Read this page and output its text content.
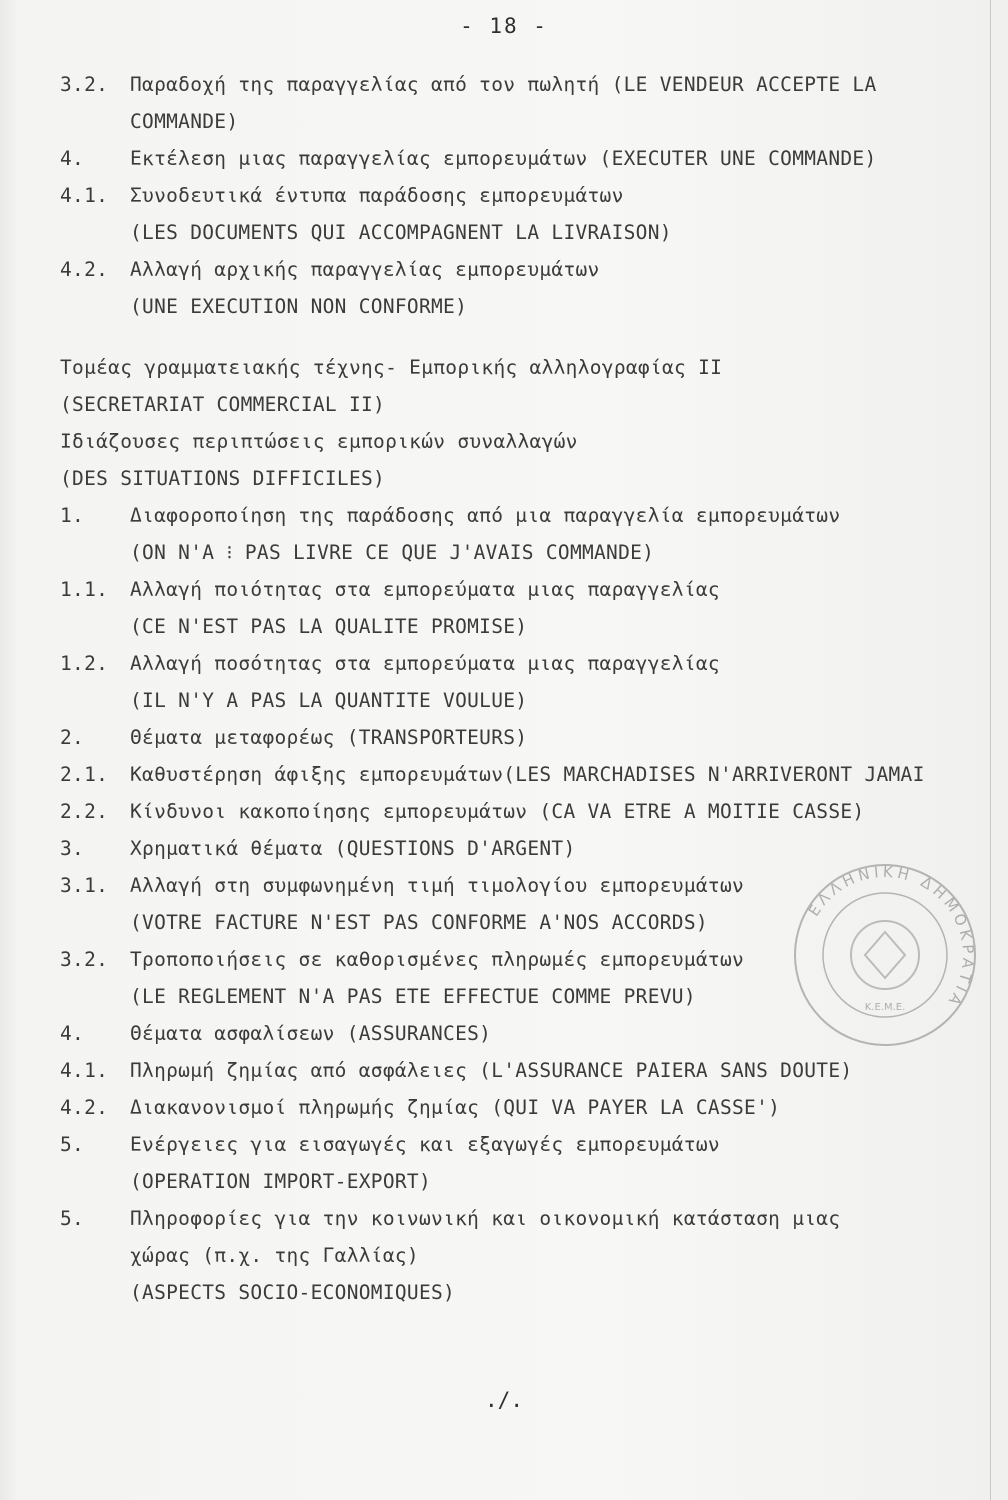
- 18 -
3.2. Παραδοχή της παραγγελίας από τον πωλητή (LE VENDEUR ACCEPTE LA
COMMANDE)
4. Εκτέλεση μιας παραγγελίας εμπορευμάτων (EXECUTER UNE COMMANDE)
4.1. Συνοδευτικά έντυπα παράδοσης εμπορευμάτων
(LES DOCUMENTS QUI ACCOMPAGNENT LA LIVRAISON)
4.2. Αλλαγή αρχικής παραγγελίας εμπορευμάτων
(UNE EXECUTION NON CONFORME)
Τομέας γραμματειακής τέχνης- Εμπορικής αλληλογραφίας II
(SECRETARIAT COMMERCIAL II)
Ιδιάζουσες περιπτώσεις εμπορικών συναλλαγών
(DES SITUATIONS DIFFICILES)
1. Διαφοροποίηση της παράδοσης από μια παραγγελία εμπορευμάτων
(ON N'A ⁝ PAS LIVRE CE QUE J'AVAIS COMMANDE)
1.1. Αλλαγή ποιότητας στα εμπορεύματα μιας παραγγελίας
(CE N'EST PAS LA QUALITE PROMISE)
1.2. Αλλαγή ποσότητας στα εμπορεύματα μιας παραγγελίας
(IL N'Y A PAS LA QUANTITE VOULUE)
2. Θέματα μεταφορέως (TRANSPORTEURS)
2.1. Καθυστέρηση άφιξης εμπορευμάτων(LES MARCHADISES N'ARRIVERONT JAMAI
2.2. Κίνδυνοι κακοποίησης εμπορευμάτων (CA VA ETRE A MOITIE CASSE)
3. Χρηματικά θέματα (QUESTIONS D'ARGENT)
3.1. Αλλαγή στη συμφωνημένη τιμή τιμολογίου εμπορευμάτων
(VOTRE FACTURE N'EST PAS CONFORME A'NOS ACCORDS)
3.2. Τροποποιήσεις σε καθορισμένες πληρωμές εμπορευμάτων
(LE REGLEMENT N'A PAS ETE EFFECTUE COMME PREVU)
4. Θέματα ασφαλίσεων (ASSURANCES)
4.1. Πληρωμή ζημίας από ασφάλειες (L'ASSURANCE PAIERA SANS DOUTE)
4.2. Διακανονισμοί πληρωμής ζημίας (QUI VA PAYER LA CASSE')
5. Ενέργειες για εισαγωγές και εξαγωγές εμπορευμάτων
(OPERATION IMPORT-EXPORT)
5. Πληροφορίες για την κοινωνική και οικονομική κατάσταση μιας
χώρας (π.χ. της Γαλλίας)
(ASPECTS SOCIO-ECONOMIQUES)
ΕΛΛΗΝΙΚΗ ΔΗΜΟΚΡΑΤΙΑ
Κ.Ε.Μ.Ε.
./.
